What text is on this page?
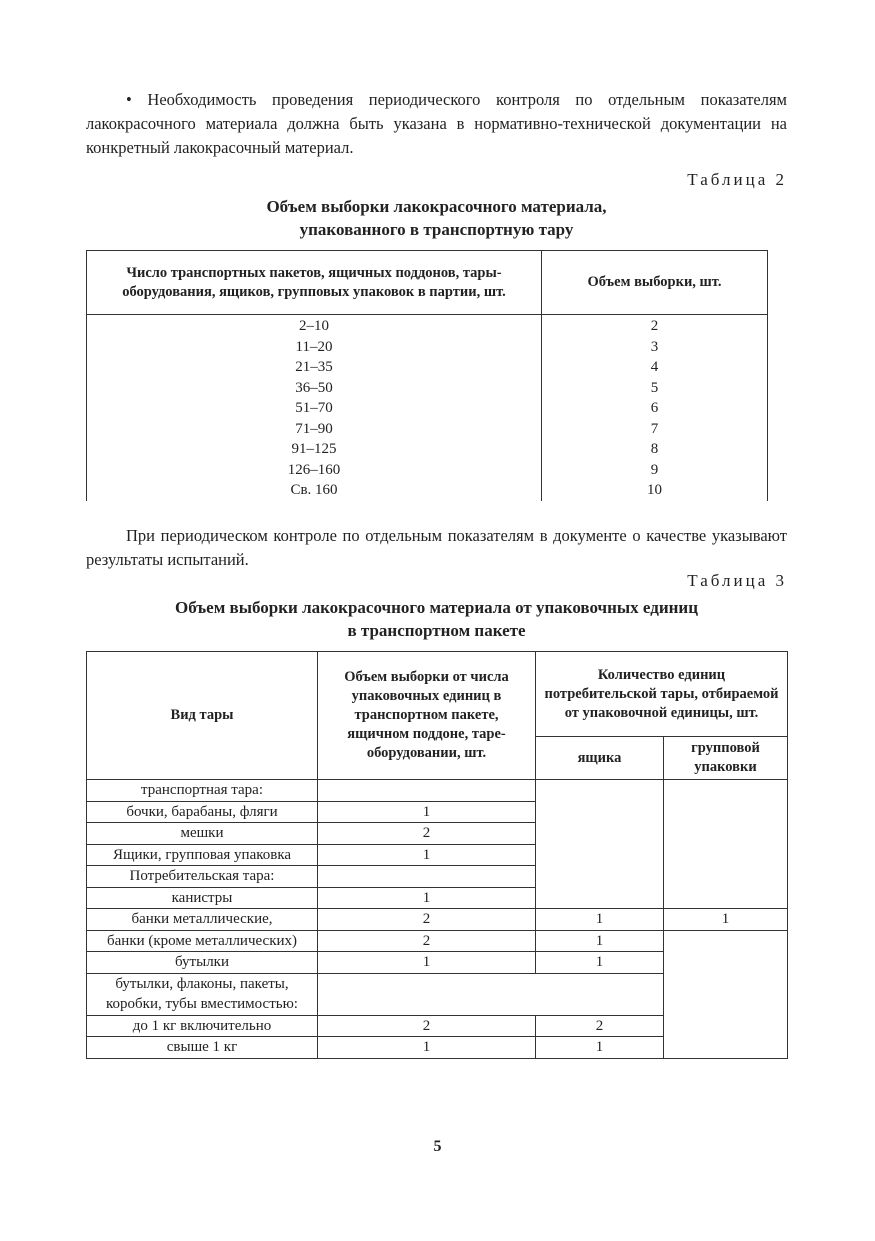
• Необходимость проведения периодического контроля по отдельным показателям лакокрасочного материала должна быть указана в нормативно-технической документации на конкретный лакокрасочный материал.
Таблица 2
Объем выборки лакокрасочного материала,
упакованного в транспортную тару
Число транспортных пакетов, ящичных поддонов, тары-оборудования, ящиков, групповых упаковок в партии, шт.	Объем выборки, шт.
2–10	2
11–20	3
21–35	4
36–50	5
51–70	6
71–90	7
91–125	8
126–160	9
Св. 160	10
При периодическом контроле по отдельным показателям в документе о качестве указывают результаты испытаний.
Таблица 3
Объем выборки лакокрасочного материала от упаковочных единиц
в транспортном пакете
Вид тары	Объем выборки от числа упаковочных единиц в транспортном пакете, ящичном поддоне, таре-оборудовании, шт.	Количество единиц потребительской тары, отбираемой от упаковочной единицы, шт.	
		ящика	групповой упаковки
транспортная тара:			
бочки, барабаны, фляги	1		
мешки	2		
Ящики, групповая упаковка	1		
Потребительская тара:			
канистры	1		
банки металлические,	2	1	1
банки (кроме металлических)	2	1	
бутылки	1	1	
бутылки, флаконы, пакеты, коробки, тубы вместимостью:			
до 1 кг включительно	2	2	
свыше 1 кг	1	1	
5
